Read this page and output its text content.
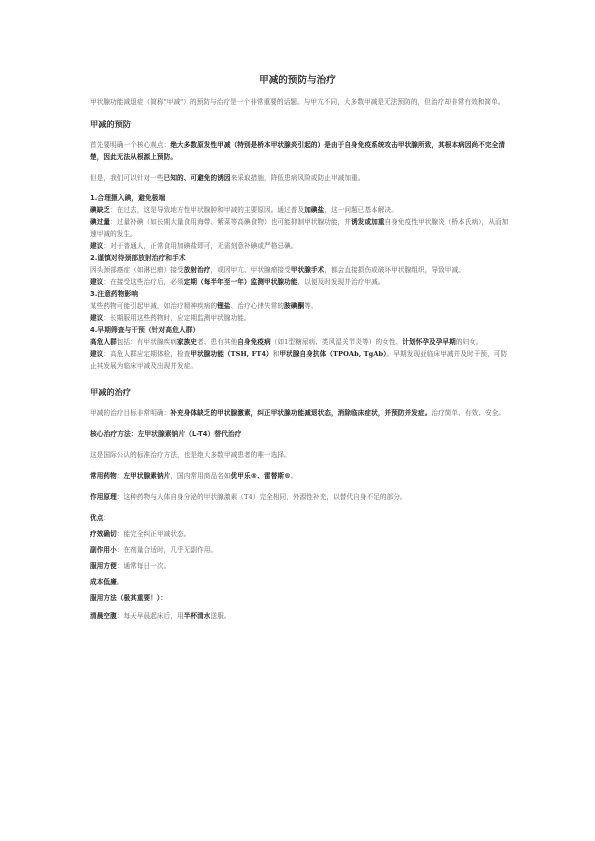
甲减的预防与治疗

甲状腺功能减退症（简称"甲减"）的预防与治疗是一个非常重要的话题。与甲亢不同，大多数甲减是无法预防的，但治疗却非常有效和简单。

甲减的预防

首先要明确一个核心观点：绝大多数原发性甲减（特别是桥本甲状腺炎引起的）是由于自身免疫系统攻击甲状腺所致，其根本病因尚不完全清楚，因此无法从根源上预防。

但是，我们可以针对一些已知的、可避免的诱因来采取措施，降低患病风险或防止甲减加重。

1.合理摄入碘，避免极端

碘缺乏：在过去，这是导致地方性甲状腺肿和甲减的主要原因。通过普及加碘盐，这一问题已基本解决。

碘过量：过量补碘（如长期大量食用海带、紫菜等高碘食物）也可能抑制甲状腺功能，并诱发或加重自身免疫性甲状腺炎（桥本氏病），从而加速甲减的发生。

建议：对于普通人，正常食用加碘盐即可，无需刻意补碘或严格忌碘。

2.谨慎对待颈部放射治疗和手术

因头颈部癌症（如淋巴瘤）接受放射治疗，或因甲亢、甲状腺瘤接受甲状腺手术，都会直接损伤或破坏甲状腺组织，导致甲减。

建议：在接受这些治疗后，必须定期（每半年至一年）监测甲状腺功能，以便及时发现并治疗甲减。

3.注意药物影响

某些药物可能引起甲减，如治疗精神疾病的锂盐、治疗心律失常的胺碘酮等。

建议：长期服用这些药物时，应定期监测甲状腺功能。

4.早期筛查与干预（针对高危人群）

高危人群包括：有甲状腺疾病家族史者、患有其他自身免疫病（如1型糖尿病、类风湿关节炎等）的女性、计划怀孕及孕早期的妇女。

建议：高危人群应定期体检，检查甲状腺功能（TSH, FT4）和甲状腺自身抗体（TPOAb, TgAb）。早期发现亚临床甲减并及时干预，可防止其发展为临床甲减及出现并发症。

甲减的治疗

甲减的治疗目标非常明确：补充身体缺乏的甲状腺激素，纠正甲状腺功能减退状态，消除临床症状，并预防并发症。治疗简单、有效、安全。

核心治疗方法：左甲状腺素钠片（L-T4）替代治疗

这是国际公认的标准治疗方法，也是绝大多数甲减患者的唯一选择。

常用药物：左甲状腺素钠片，国内常用商品名如优甲乐®、雷替斯®。

作用原理：这种药物与人体自身分泌的甲状腺激素（T4）完全相同，外源性补充，以替代自身不足的部分。

优点：

疗效确切：能完全纠正甲减状态。

副作用小：在剂量合适时，几乎无副作用。

服用方便：通常每日一次。

成本低廉。

服用方法（极其重要！）：

清晨空腹：每天早晨起床后，用半杯清水送服。
